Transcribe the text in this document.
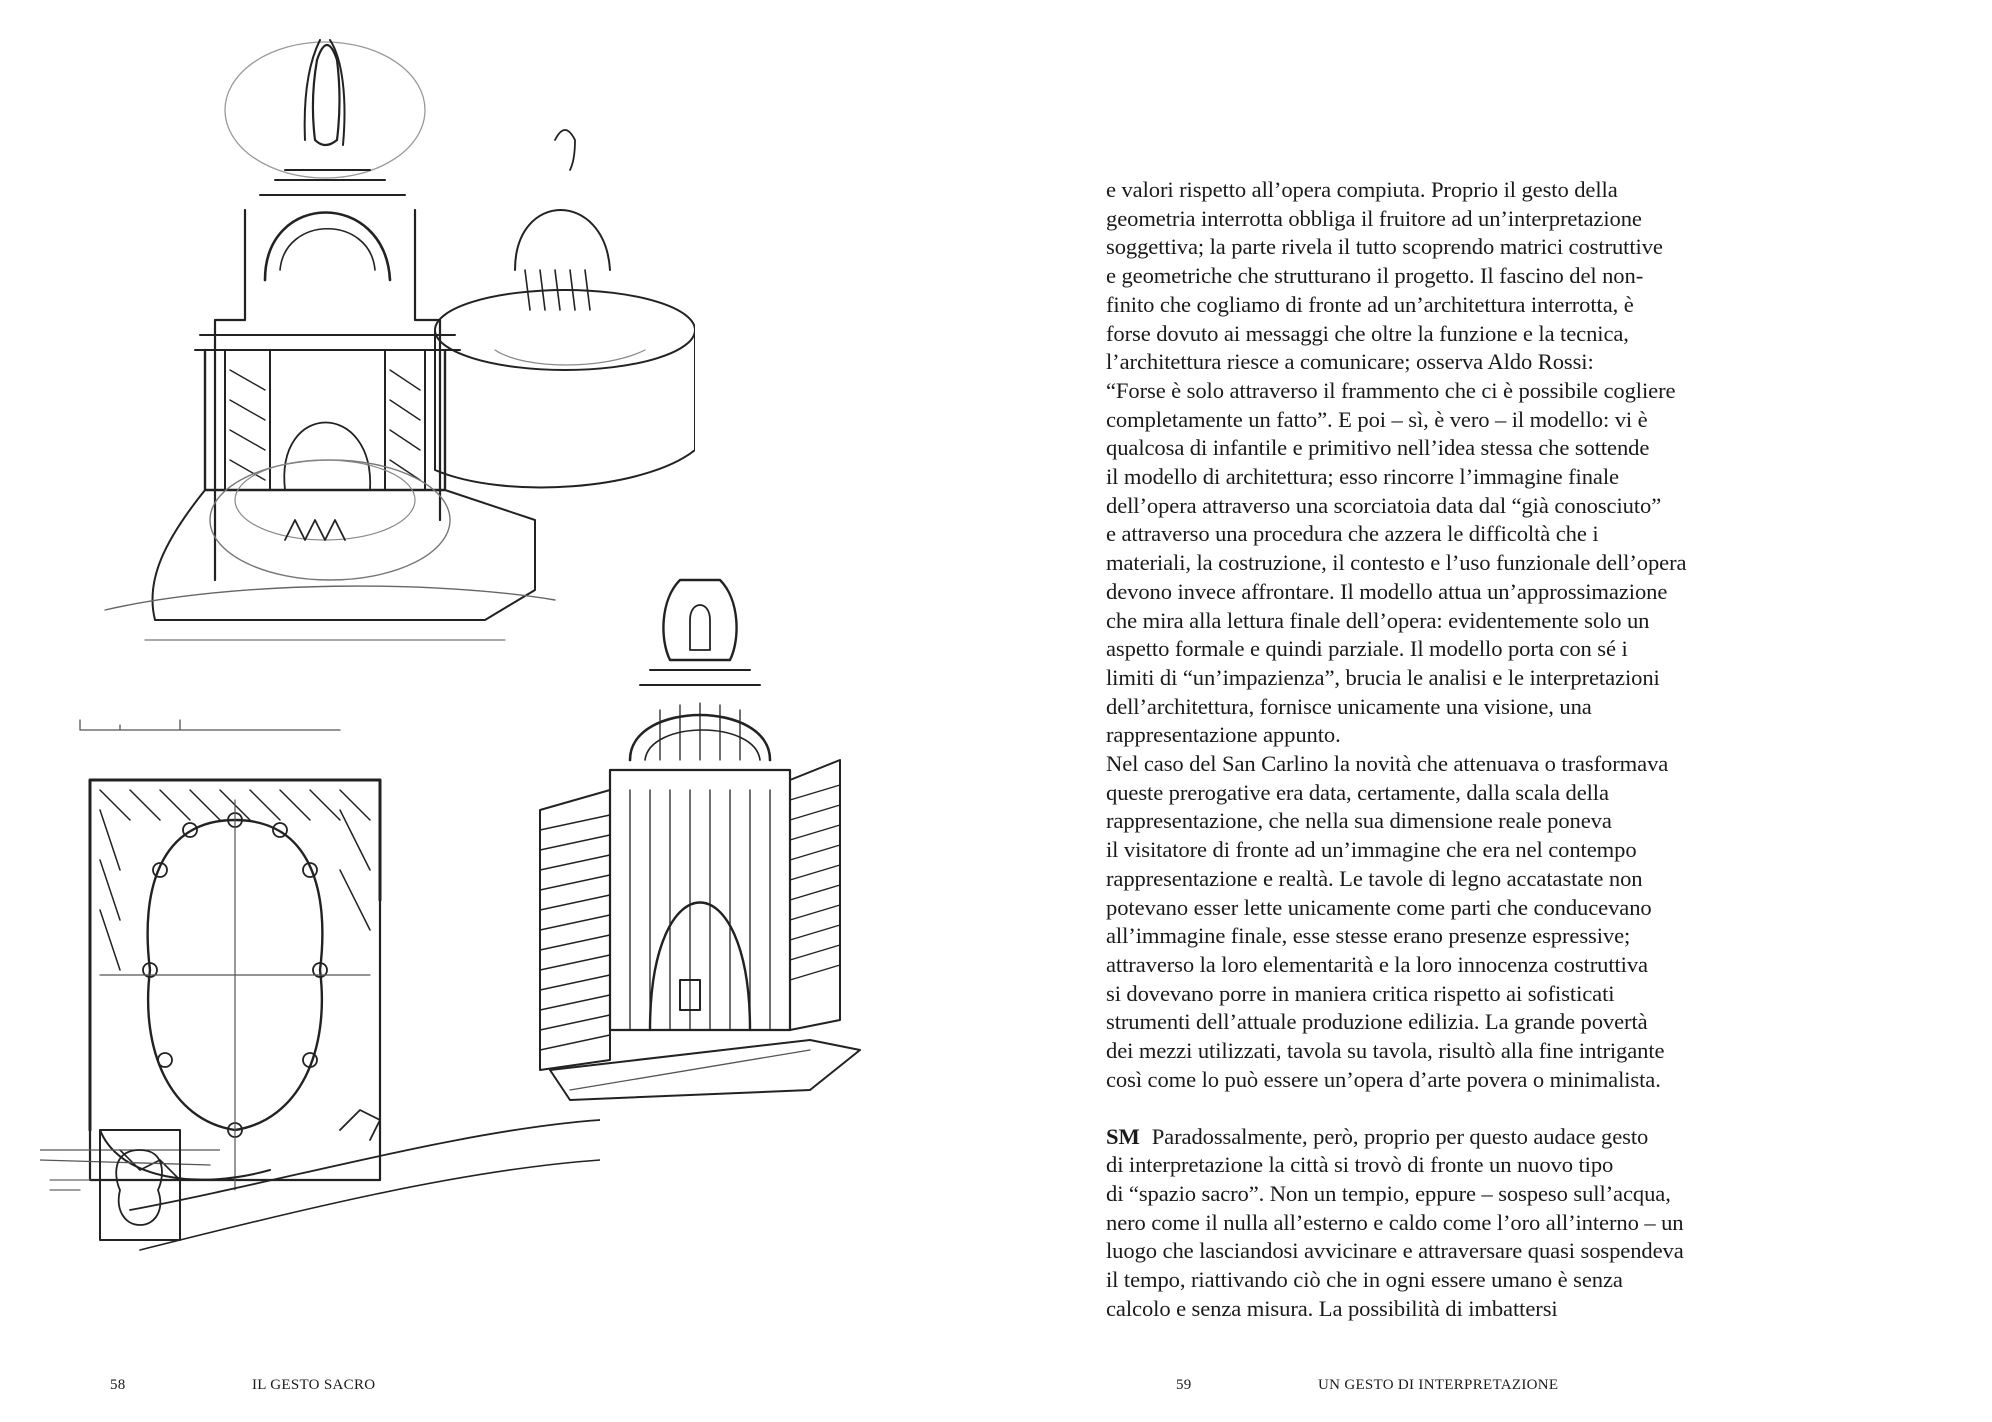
58	IL GESTO SACRO

e valori rispetto all’opera compiuta. Proprio il gesto della
geometria interrotta obbliga il fruitore ad un’interpretazione
soggettiva; la parte rivela il tutto scoprendo matrici costruttive
e geometriche che strutturano il progetto. Il fascino del non-
finito che cogliamo di fronte ad un’architettura interrotta, è
forse dovuto ai messaggi che oltre la funzione e la tecnica,
l’architettura riesce a comunicare; osserva Aldo Rossi:
“Forse è solo attraverso il frammento che ci è possibile cogliere
completamente un fatto”. E poi – sì, è vero – il modello: vi è
qualcosa di infantile e primitivo nell’idea stessa che sottende
il modello di architettura; esso rincorre l’immagine finale
dell’opera attraverso una scorciatoia data dal “già conosciuto”
e attraverso una procedura che azzera le difficoltà che i
materiali, la costruzione, il contesto e l’uso funzionale dell’opera
devono invece affrontare. Il modello attua un’approssimazione
che mira alla lettura finale dell’opera: evidentemente solo un
aspetto formale e quindi parziale. Il modello porta con sé i
limiti di “un’impazienza”, brucia le analisi e le interpretazioni
dell’architettura, fornisce unicamente una visione, una
rappresentazione appunto.

Nel caso del San Carlino la novità che attenuava o trasformava
queste prerogative era data, certamente, dalla scala della
rappresentazione, che nella sua dimensione reale poneva
il visitatore di fronte ad un’immagine che era nel contempo
rappresentazione e realtà. Le tavole di legno accatastate non
potevano esser lette unicamente come parti che conducevano
all’immagine finale, esse stesse erano presenze espressive;
attraverso la loro elementarità e la loro innocenza costruttiva
si dovevano porre in maniera critica rispetto ai sofisticati
strumenti dell’attuale produzione edilizia. La grande povertà
dei mezzi utilizzati, tavola su tavola, risultò alla fine intrigante
così come lo può essere un’opera d’arte povera o minimalista.

SM Paradossalmente, però, proprio per questo audace gesto
di interpretazione la città si trovò di fronte un nuovo tipo
di “spazio sacro”. Non un tempio, eppure – sospeso sull’acqua,
nero come il nulla all’esterno e caldo come l’oro all’interno – un
luogo che lasciandosi avvicinare e attraversare quasi sospendeva
il tempo, riattivando ciò che in ogni essere umano è senza
calcolo e senza misura. La possibilità di imbattersi

59	UN GESTO DI INTERPRETAZIONE
